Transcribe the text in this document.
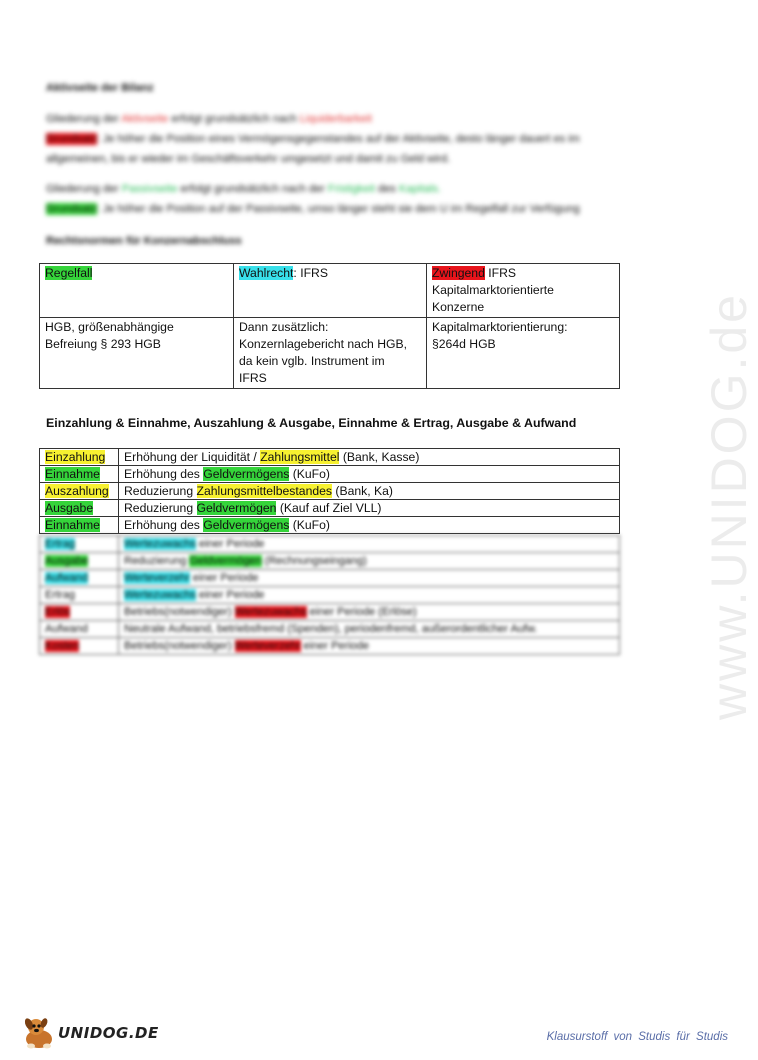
Aktivseite der Bilanz

Gliederung der Aktivseite erfolgt grundsätzlich nach Liquiderbarkeit
Grundsatz: Je höher die Position eines Vermögensgegenstandes auf der Aktivseite, desto länger dauert es im
allgemeinen, bis er wieder im Geschäftsverkehr umgesetzt und damit zu Geld wird.

Gliederung der Passivseite erfolgt grundsätzlich nach der Fristigkeit des Kapitals.
Grundsatz: Je höher die Position auf der Passivseite, umso länger steht sie dem U im Regelfall zur Verfügung

Rechtsnormen für Konzernabschluss
Regelfall	Wahlrecht: IFRS	Zwingend IFRS
Kapitalmarktorientierte
Konzerne
HGB, größenabhängige
Befreiung § 293 HGB	Dann zusätzlich:
Konzernlagebericht nach HGB,
da kein vglb. Instrument im
IFRS	Kapitalmarktorientierung:
§264d HGB
Einzahlung & Einnahme, Auszahlung & Ausgabe, Einnahme & Ertrag, Ausgabe & Aufwand
Einzahlung	Erhöhung der Liquidität / Zahlungsmittel (Bank, Kasse)
Einnahme	Erhöhung des Geldvermögens (KuFo)
Auszahlung	Reduzierung Zahlungsmittelbestandes (Bank, Ka)
Ausgabe	Reduzierung Geldvermögen (Kauf auf Ziel VLL)
Einnahme	Erhöhung des Geldvermögens (KuFo)
Ertrag	Wertezuwachs einer Periode
Ausgabe	Reduzierung Geldvermögen (Rechnungseingang)
Aufwand	Werteverzehr einer Periode
Ertrag	Wertezuwachs einer Periode
Erlös	Betriebs(notwendiger) Wertezuwachs einer Periode (Erlöse)
Aufwand	Neutrale Aufwand, betriebsfremd (Spenden), periodenfremd, außerordentlicher Aufw.
Kosten	Betriebs(notwendiger) Werteverzehr einer Periode	www.UNIDOG.de
UNIDOG.DE	Klausurstoff von Studis für Studis
